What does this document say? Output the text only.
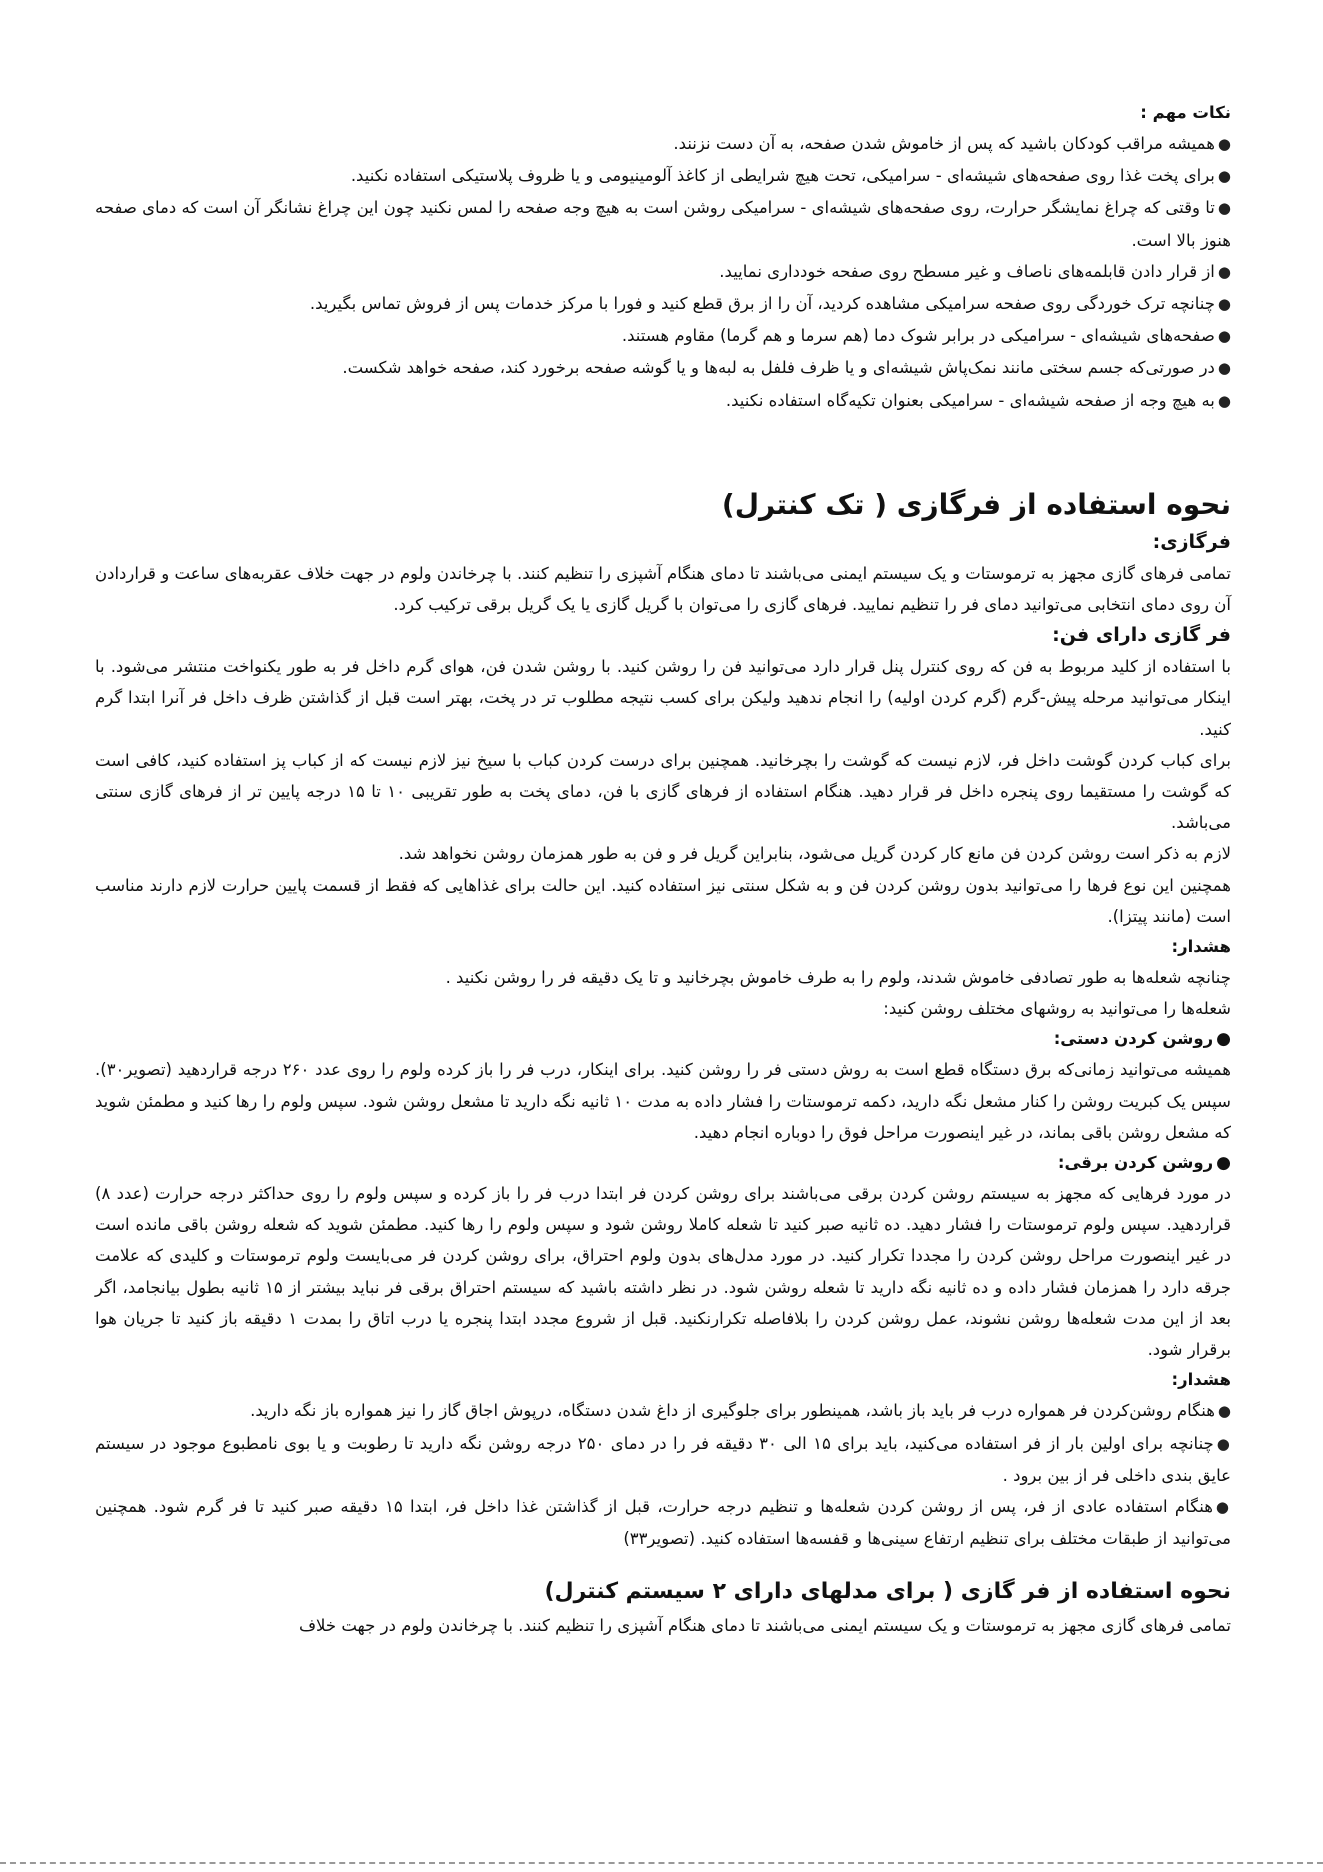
نکات مهم :

● همیشه مراقب کودکان باشید که پس از خاموش شدن صفحه، به آن دست نزنند.

● برای پخت غذا روی صفحه‌های شیشه‌ای - سرامیکی، تحت هیچ شرایطی از کاغذ آلومینیومی و یا ظروف پلاستیکی استفاده نکنید.

● تا وقتی که چراغ نمایشگر حرارت، روی صفحه‌های شیشه‌ای - سرامیکی روشن است به هیچ وجه صفحه را لمس نکنید چون این چراغ نشانگر آن است که دمای صفحه هنوز بالا است.

● از قرار دادن قابلمه‌های ناصاف و غیر مسطح روی صفحه خودداری نمایید.

● چنانچه ترک خوردگی روی صفحه سرامیکی مشاهده کردید، آن را از برق قطع کنید و فورا با مرکز خدمات پس از فروش تماس بگیرید.

● صفحه‌های شیشه‌ای - سرامیکی در برابر شوک دما (هم سرما و هم گرما) مقاوم هستند.

● در صورتی‌که جسم سختی مانند نمک‌پاش شیشه‌ای و یا ظرف فلفل به لبه‌ها و یا گوشه صفحه برخورد کند، صفحه خواهد شکست.

● به هیچ وجه از صفحه شیشه‌ای - سرامیکی بعنوان تکیه‌گاه استفاده نکنید.

نحوه استفاده از فرگازی ( تک کنترل)

فرگازی:

تمامی فرهای گازی مجهز به ترموستات و یک سیستم ایمنی می‌باشند تا دمای هنگام آشپزی را تنظیم کنند. با چرخاندن ولوم در جهت خلاف عقربه‌های ساعت و قراردادن آن روی دمای انتخابی می‌توانید دمای فر را تنظیم نمایید. فرهای گازی را می‌توان با گریل گازی یا یک گریل برقی ترکیب کرد.

فر گازی دارای فن:

با استفاده از کلید مربوط به فن که روی کنترل پنل قرار دارد می‌توانید فن را روشن کنید. با روشن شدن فن، هوای گرم داخل فر به طور یکنواخت منتشر می‌شود. با اینکار می‌توانید مرحله پیش-گرم (گرم کردن اولیه) را انجام ندهید ولیکن برای کسب نتیجه مطلوب تر در پخت، بهتر است قبل از گذاشتن ظرف داخل فر آنرا ابتدا گرم کنید.

برای کباب کردن گوشت داخل فر، لازم نیست که گوشت را بچرخانید. همچنین برای درست کردن کباب با سیخ نیز لازم نیست که از کباب پز استفاده کنید، کافی است که گوشت را مستقیما روی پنجره داخل فر قرار دهید. هنگام استفاده از فرهای گازی با فن، دمای پخت به طور تقریبی ۱۰ تا ۱۵ درجه پایین تر از فرهای گازی سنتی می‌باشد.

لازم به ذکر است روشن کردن فن مانع کار کردن گریل می‌شود، بنابراین گریل فر و فن به طور همزمان روشن نخواهد شد.

همچنین این نوع فرها را می‌توانید بدون روشن کردن فن و به شکل سنتی نیز استفاده کنید. این حالت برای غذاهایی که فقط از قسمت پایین حرارت لازم دارند مناسب است (مانند پیتزا).

هشدار:

چنانچه شعله‌ها به طور تصادفی خاموش شدند، ولوم را به طرف خاموش بچرخانید و تا یک دقیقه فر را روشن نکنید .

شعله‌ها را می‌توانید به روشهای مختلف روشن کنید:

● روشن کردن دستی:

همیشه می‌توانید زمانی‌که برق دستگاه قطع است به روش دستی فر را روشن کنید. برای اینکار، درب فر را باز کرده ولوم را روی عدد ۲۶۰ درجه قراردهید (تصویر۳۰). سپس یک کبریت روشن را کنار مشعل نگه دارید، دکمه ترموستات را فشار داده به مدت ۱۰ ثانیه نگه دارید تا مشعل روشن شود. سپس ولوم را رها کنید و مطمئن شوید که مشعل روشن باقی بماند، در غیر اینصورت مراحل فوق را دوباره انجام دهید.

● روشن کردن برقی:

در مورد فرهایی که مجهز به سیستم روشن کردن برقی می‌باشند برای روشن کردن فر ابتدا درب فر را باز کرده و سپس ولوم را روی حداکثر درجه حرارت (عدد ۸) قراردهید. سپس ولوم ترموستات را فشار دهید. ده ثانیه صبر کنید تا شعله کاملا روشن شود و سپس ولوم را رها کنید. مطمئن شوید که شعله روشن باقی مانده است در غیر اینصورت مراحل روشن کردن را مجددا تکرار کنید. در مورد مدل‌های بدون ولوم احتراق، برای روشن کردن فر می‌بایست ولوم ترموستات و کلیدی که علامت جرقه دارد را همزمان فشار داده و ده ثانیه نگه دارید تا شعله روشن شود. در نظر داشته باشید که سیستم احتراق برقی فر نباید بیشتر از ۱۵ ثانیه بطول بیانجامد، اگر بعد از این مدت شعله‌ها روشن نشوند، عمل روشن کردن را بلافاصله تکرارنکنید. قبل از شروع مجدد ابتدا پنجره یا درب اتاق را بمدت ۱ دقیقه باز کنید تا جریان هوا برقرار شود.

هشدار:

● هنگام روشن‌کردن فر همواره درب فر باید باز باشد، همینطور برای جلوگیری از داغ شدن دستگاه، درپوش اجاق گاز را نیز همواره باز نگه دارید.

● چنانچه برای اولین بار از فر استفاده می‌کنید، باید برای ۱۵ الی ۳۰ دقیقه فر را در دمای ۲۵۰ درجه روشن نگه دارید تا رطوبت و یا بوی نامطبوع موجود در سیستم عایق بندی داخلی فر از بین برود .

● هنگام استفاده عادی از فر، پس از روشن کردن شعله‌ها و تنظیم درجه حرارت، قبل از گذاشتن غذا داخل فر، ابتدا ۱۵ دقیقه صبر کنید تا فر گرم شود. همچنین می‌توانید از طبقات مختلف برای تنظیم ارتفاع سینی‌ها و قفسه‌ها استفاده کنید. (تصویر۳۳)

نحوه استفاده از فر گازی ( برای مدلهای دارای ۲ سیستم کنترل)

تمامی فرهای گازی مجهز به ترموستات و یک سیستم ایمنی می‌باشند تا دمای هنگام آشپزی را تنظیم کنند. با چرخاندن ولوم در جهت خلاف
